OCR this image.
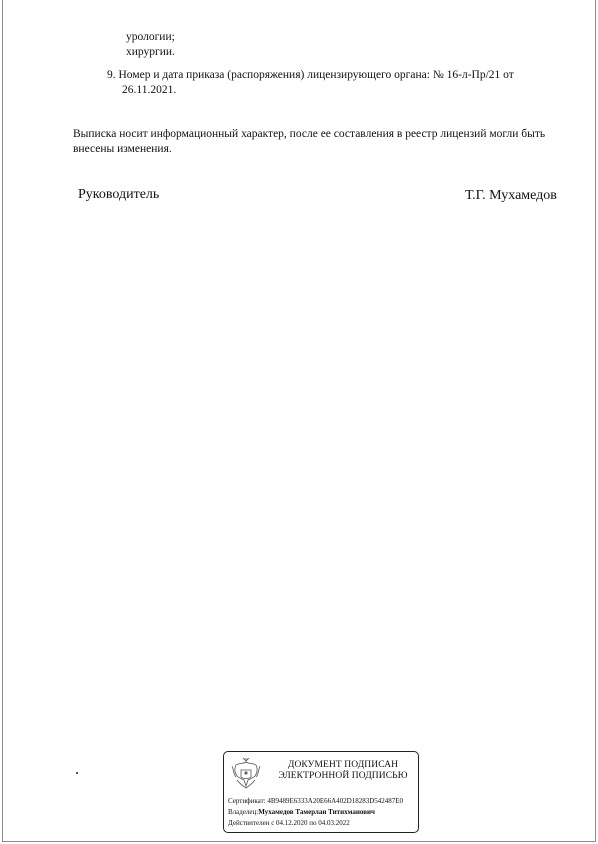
урологии;
хирургии.
9. Номер и дата приказа (распоряжения) лицензирующего органа: № 16-л-Пр/21 от
26.11.2021.
Выписка носит информационный характер, после ее составления в реестр лицензий могли быть
внесены изменения.
Руководитель	Т.Г. Мухамедов
ДОКУМЕНТ ПОДПИСАН
ЭЛЕКТРОННОЙ ПОДПИСЬЮ
Сертификат: 4B9489E6333A20E66A402D18283D542487E0
Владелец:Мухамедов Тамерлан Титихманович
Действителен с 04.12.2020 по 04.03.2022
